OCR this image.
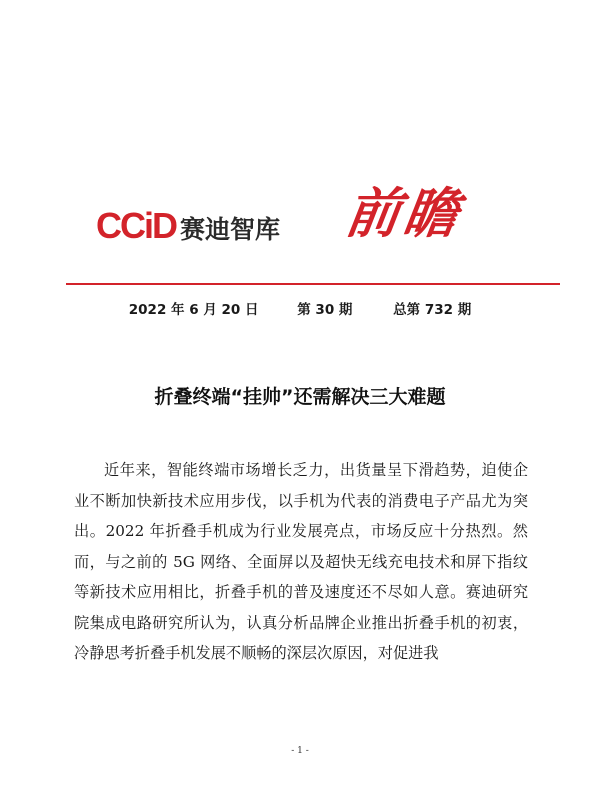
CCiD 赛迪智库 前瞻
2022 年 6 月 20 日	第 30 期	总第 732 期
折叠终端“挂帅”还需解决三大难题

近年来，智能终端市场增长乏力，出货量呈下滑趋势，迫使企业不断加快新技术应用步伐，以手机为代表的消费电子产品尤为突出。2022 年折叠手机成为行业发展亮点，市场反应十分热烈。然而，与之前的 5G 网络、全面屏以及超快无线充电技术和屏下指纹等新技术应用相比，折叠手机的普及速度还不尽如人意。赛迪研究院集成电路研究所认为，认真分析品牌企业推出折叠手机的初衷，冷静思考折叠手机发展不顺畅的深层次原因，对促进我

- 1 -
